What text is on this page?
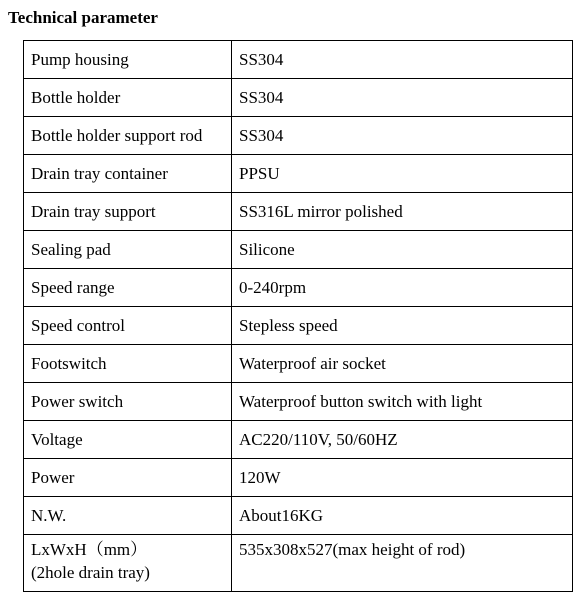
Technical parameter
Pump housing	SS304
Bottle holder	SS304
Bottle holder support rod	SS304
Drain tray container	PPSU
Drain tray support	SS316L mirror polished
Sealing pad	Silicone
Speed range	0-240rpm
Speed control	Stepless speed
Footswitch	Waterproof air socket
Power switch	Waterproof button switch with light
Voltage	AC220/110V, 50/60HZ
Power	120W
N.W.	About16KG

LxWxH（mm）
(2hole drain tray)	535x308x527(max height of rod)
